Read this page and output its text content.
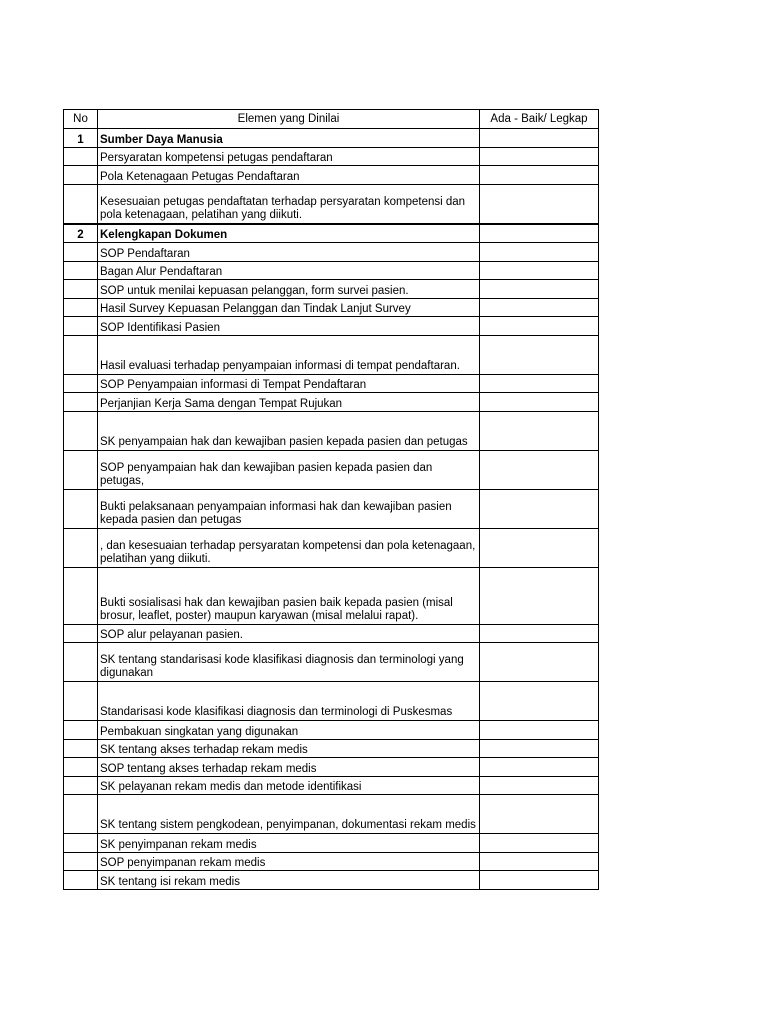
No	Elemen yang Dinilai	Ada - Baik/ Legkap
1	Sumber Daya Manusia	
	Persyaratan kompetensi petugas pendaftaran	
	Pola Ketenagaan Petugas Pendaftaran	
	Kesesuaian petugas pendaftatan terhadap persyaratan kompetensi dan pola ketenagaan, pelatihan yang diikuti.	
2	Kelengkapan Dokumen	
	SOP Pendaftaran	
	Bagan Alur Pendaftaran	
	SOP untuk menilai kepuasan pelanggan, form survei pasien.	
	Hasil Survey Kepuasan Pelanggan dan Tindak Lanjut Survey	
	SOP Identifikasi Pasien	
	Hasil evaluasi terhadap penyampaian informasi di tempat pendaftaran.	
	SOP Penyampaian informasi di Tempat Pendaftaran	
	Perjanjian Kerja Sama dengan Tempat Rujukan	
	SK penyampaian hak dan kewajiban pasien kepada pasien dan petugas	
	SOP penyampaian hak dan kewajiban pasien kepada pasien dan petugas,	
	Bukti pelaksanaan penyampaian informasi hak dan kewajiban pasien kepada pasien dan petugas	
	, dan kesesuaian terhadap persyaratan kompetensi dan pola ketenagaan, pelatihan yang diikuti.	
	Bukti sosialisasi hak dan kewajiban pasien baik kepada pasien (misal brosur, leaflet, poster) maupun karyawan (misal melalui rapat).	
	SOP alur pelayanan pasien.	
	SK tentang standarisasi kode klasifikasi diagnosis dan terminologi yang digunakan	
	Standarisasi kode klasifikasi diagnosis dan terminologi di Puskesmas	
	Pembakuan singkatan yang digunakan	
	SK tentang akses terhadap rekam medis	
	SOP tentang akses terhadap rekam medis	
	SK pelayanan rekam medis dan metode identifikasi	
	SK tentang sistem pengkodean, penyimpanan, dokumentasi rekam medis	
	SK penyimpanan rekam medis	
	SOP penyimpanan rekam medis	
	SK tentang isi rekam medis	
